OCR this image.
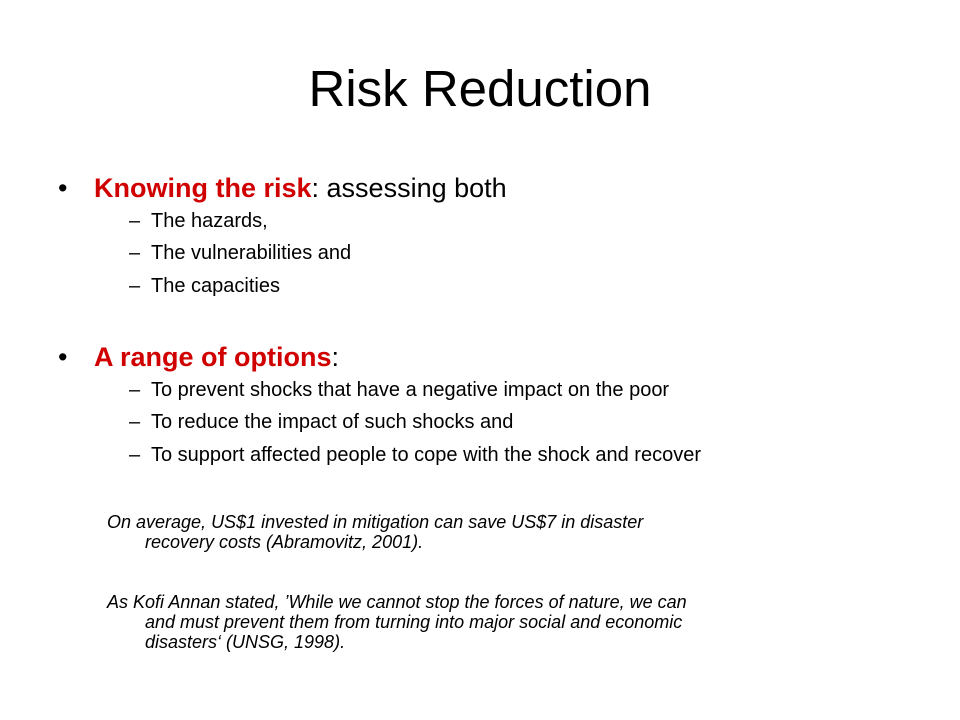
Risk Reduction
• Knowing the risk: assessing both
– The hazards,
– The vulnerabilities and
– The capacities
• A range of options:
– To prevent shocks that have a negative impact on the poor
– To reduce the impact of such shocks and
– To support affected people to cope with the shock and recover
On average, US$1 invested in mitigation can save US$7 in disaster
recovery costs (Abramovitz, 2001).
As Kofi Annan stated, ’While we cannot stop the forces of nature, we can
and must prevent them from turning into major social and economic
disasters‘ (UNSG, 1998).
